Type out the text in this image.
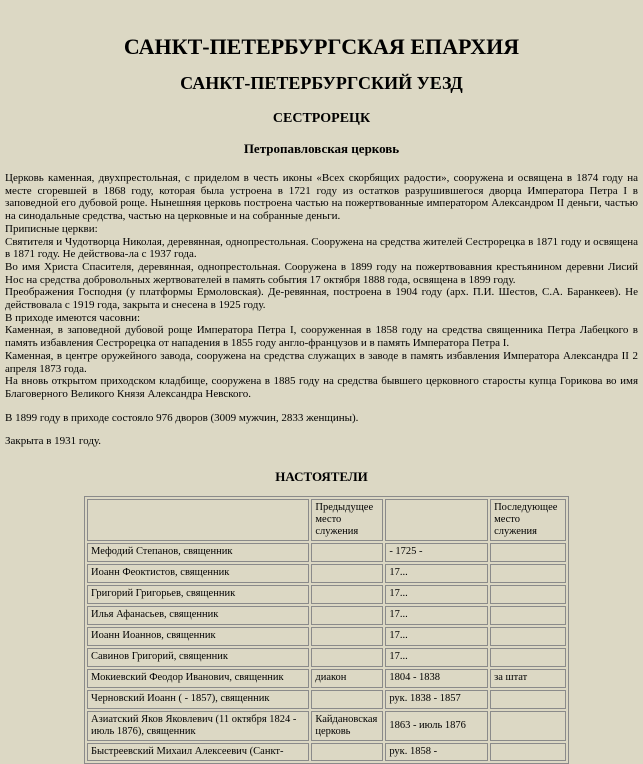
САНКТ-ПЕТЕРБУРГСКАЯ ЕПАРХИЯ
САНКТ-ПЕТЕРБУРГСКИЙ УЕЗД
СЕСТРОРЕЦК
Петропавловская церковь

Церковь каменная, двухпрестольная, с приделом в честь иконы «Всех скорбящих радости», сооружена и освящена в 1874 году на месте сгоревшей в 1868 году, которая была устроена в 1721 году из остатков разрушившегося дворца Императора Петра I в заповедной его дубовой роще. Нынешняя церковь построена частью на пожертвованные императором Александром II деньги, частью на синодальные средства, частью на церковные и на собранные деньги.

Приписные церкви:

Святителя и Чудотворца Николая, деревянная, однопрестольная. Сооружена на средства жителей Сестрорецка в 1871 году и освящена в 1871 году. Не действова-ла с 1937 года.

Во имя Христа Спасителя, деревянная, однопрестольная. Сооружена в 1899 году на пожертвовавния крестьянином деревни Лисий Нос на средства добровольных жертвователей в память события 17 октября 1888 года, освящена в 1899 году.

Преображения Господня (у платформы Ермоловская). Де-ревянная, построена в 1904 году (арх. П.И. Шестов, С.А. Баранкеев). Не действовала с 1919 года, закрыта и снесена в 1925 году.

В приходе имеются часовни:

Каменная, в заповедной дубовой роще Императора Петра I, сооруженная в 1858 году на средства священника Петра Лабецкого в память избавления Сестрорецка от нападения в 1855 году англо-французов и в память Императора Петра I.

Каменная, в центре оружейного завода, сооружена на средства служащих в заводе в память избавления Императора Александра II 2 апреля 1873 года.

На вновь открытом приходском кладбище, сооружена в 1885 году на средства бывшего церковного старосты купца Горикова во имя Благоверного Великого Князя Александра Невского.

В 1899 году в приходе состояло 976 дворов (3009 мужчин, 2833 женщины).

Закрыта в 1931 году.

НАСТОЯТЕЛИ
	Предыдущее место служения		Последующее место служения
Мефодий Степанов, священник		- 1725 -	
Иоанн Феоктистов, священник		17...	
Григорий Григорьев, священник		17...	
Илья Афанасьев, священник		17...	
Иоанн Иоаннов, священник		17...	
Савинов Григорий, священник		17...	
Мокиевский Феодор Иванович, священник	диакон	1804 - 1838	за штат
Черновский Иоанн ( - 1857), священник		рук. 1838 - 1857	
Азиатский Яков Яковлевич (11 октября 1824 - июль 1876), священник	Кайдановская церковь	1863 - июль 1876	
Быстреевский Михаил Алексеевич (Санкт-		рук. 1858 -	
